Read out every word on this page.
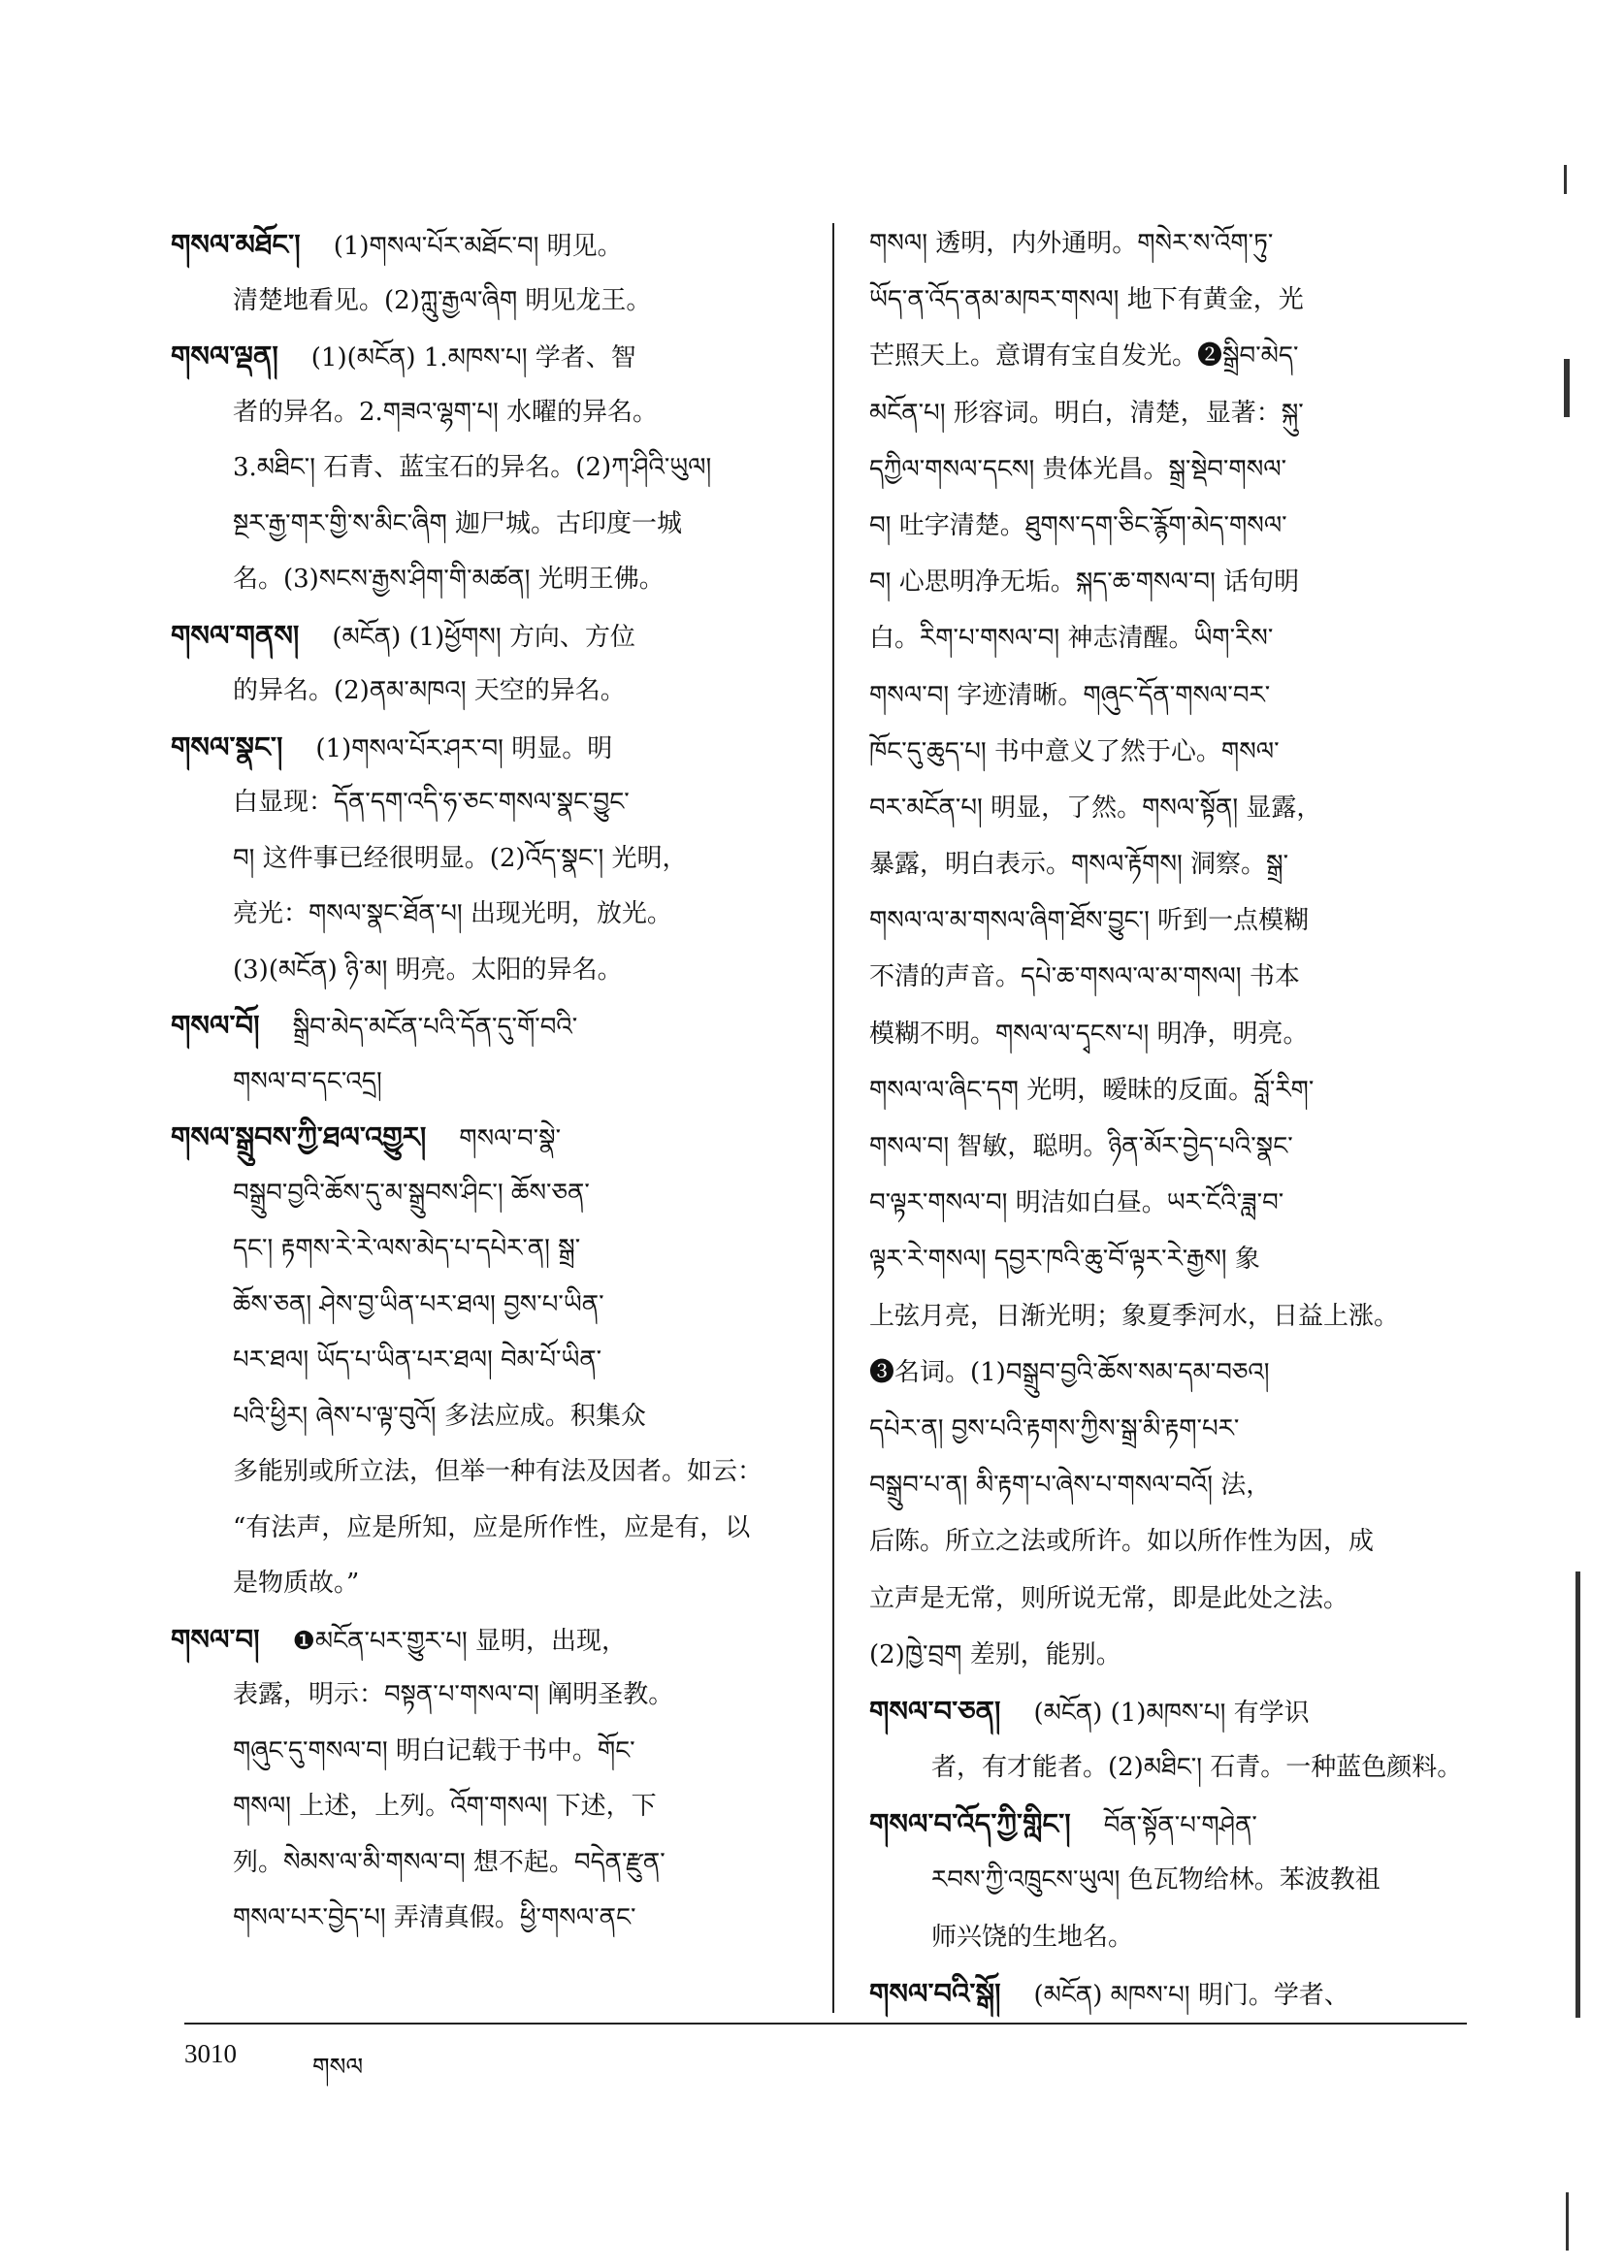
གསལ་མཐོང་། (1)གསལ་པོར་མཐོང་བ། 明见。
清楚地看见。(2)ཀླུ་རྒྱལ་ཞིག 明见龙王。
གསལ་ལྡན། (1)(མངོན) 1.མཁས་པ། 学者、智
者的异名。2.གཟའ་ལྷག་པ། 水曜的异名。
3.མཐིང་། 石青、蓝宝石的异名。(2)ཀ་ཤིའི་ཡུལ།
སྔར་རྒྱ་གར་གྱི་ས་མིང་ཞིག 迦尸城。古印度一城
名。(3)སངས་རྒྱས་ཤིག་གི་མཚན། 光明王佛。
གསལ་གནས། (མངོན) (1)ཕྱོགས། 方向、方位
的异名。(2)ནམ་མཁའ། 天空的异名。
གསལ་སྣང་། (1)གསལ་པོར་ཤར་བ། 明显。明
白显现：དོན་དག་འདི་ཧ་ཅང་གསལ་སྣང་བྱུང་
བ། 这件事已经很明显。(2)འོད་སྣང་། 光明，
亮光：གསལ་སྣང་ཐོན་པ། 出现光明，放光。
(3)(མངོན) ཉི་མ། 明亮。太阳的异名。
གསལ་བོ། སྒྲིབ་མེད་མངོན་པའི་དོན་དུ་གོ་བའི་
གསལ་བ་དང་འདྲ།
གསལ་སྒྲུབས་ཀྱི་ཐལ་འགྱུར། གསལ་བ་སྣེ་
བསྒྲུབ་བྱའི་ཆོས་དུ་མ་སྒྲུབས་ཤིང་། ཆོས་ཅན་
དང་། རྟགས་རེ་རེ་ལས་མེད་པ་དཔེར་ན། སྒྲ་
ཆོས་ཅན། ཤེས་བྱ་ཡིན་པར་ཐལ། བྱས་པ་ཡིན་
པར་ཐལ། ཡོད་པ་ཡིན་པར་ཐལ། བེམ་པོ་ཡིན་
པའི་ཕྱིར། ཞེས་པ་ལྟ་བུའོ། 多法应成。积集众
多能别或所立法，但举一种有法及因者。如云：
“有法声，应是所知，应是所作性，应是有，以
是物质故。”
གསལ་བ། ❶མངོན་པར་གྱུར་པ། 显明，出现，
表露，明示：བསྟན་པ་གསལ་བ། 阐明圣教。
གཞུང་དུ་གསལ་བ། 明白记载于书中。གོང་
གསལ། 上述，上列。འོག་གསལ། 下述，下
列。སེམས་ལ་མི་གསལ་བ། 想不起。བདེན་རྫུན་
གསལ་པར་བྱེད་པ། 弄清真假。ཕྱི་གསལ་ནང་
གསལ། 透明，内外通明。གསེར་ས་འོག་ཏུ་
ཡོད་ན་འོད་ནམ་མཁར་གསལ། 地下有黄金，光
芒照天上。意谓有宝自发光。❷སྒྲིབ་མེད་
མངོན་པ། 形容词。明白，清楚，显著：སྐུ་
དཀྱིལ་གསལ་དངས། 贵体光昌。སྒྲ་སྡེབ་གསལ་
བ། 吐字清楚。ཐུགས་དག་ཅིང་རྙོག་མེད་གསལ་
བ། 心思明净无垢。སྐད་ཆ་གསལ་བ། 话句明
白。རིག་པ་གསལ་བ། 神志清醒。ཡིག་རིས་
གསལ་བ། 字迹清晰。གཞུང་དོན་གསལ་བར་
ཁོང་དུ་ཆུད་པ། 书中意义了然于心。གསལ་
བར་མངོན་པ། 明显，了然。གསལ་སྟོན། 显露，
暴露，明白表示。གསལ་རྟོགས། 洞察。སྒྲ་
གསལ་ལ་མ་གསལ་ཞིག་ཐོས་བྱུང་། 听到一点模糊
不清的声音。དཔེ་ཆ་གསལ་ལ་མ་གསལ། 书本
模糊不明。གསལ་ལ་དྭངས་པ། 明净，明亮。
གསལ་ལ་ཞིང་དག 光明，暧昧的反面。བློ་རིག་
གསལ་བ། 智敏，聪明。ཉིན་མོར་བྱེད་པའི་སྣང་
བ་ལྟར་གསལ་བ། 明洁如白昼。ཡར་ངོའི་ཟླ་བ་
ལྟར་རེ་གསལ། དབྱར་ཁའི་ཆུ་བོ་ལྟར་རེ་རྒྱས། 象
上弦月亮，日渐光明；象夏季河水，日益上涨。
❸名词。(1)བསྒྲུབ་བྱའི་ཆོས་སམ་དམ་བཅའ།
དཔེར་ན། བྱས་པའི་རྟགས་ཀྱིས་སྒྲ་མི་རྟག་པར་
བསྒྲུབ་པ་ན། མི་རྟག་པ་ཞེས་པ་གསལ་བའོ། 法，
后陈。所立之法或所许。如以所作性为因，成
立声是无常，则所说无常，即是此处之法。
(2)ཁྱེ་བྲག 差别，能别。
གསལ་བ་ཅན། (མངོན) (1)མཁས་པ། 有学识
者，有才能者。(2)མཐིང་། 石青。一种蓝色颜料。
གསལ་བ་འོད་ཀྱི་གླིང་། བོན་སྟོན་པ་གཤེན་
རབས་ཀྱི་འཁྲུངས་ཡུལ། 色瓦物给林。苯波教祖
师兴饶的生地名。
གསལ་བའི་སྒོ། (མངོན) མཁས་པ། 明门。学者、
3010	གསལ
